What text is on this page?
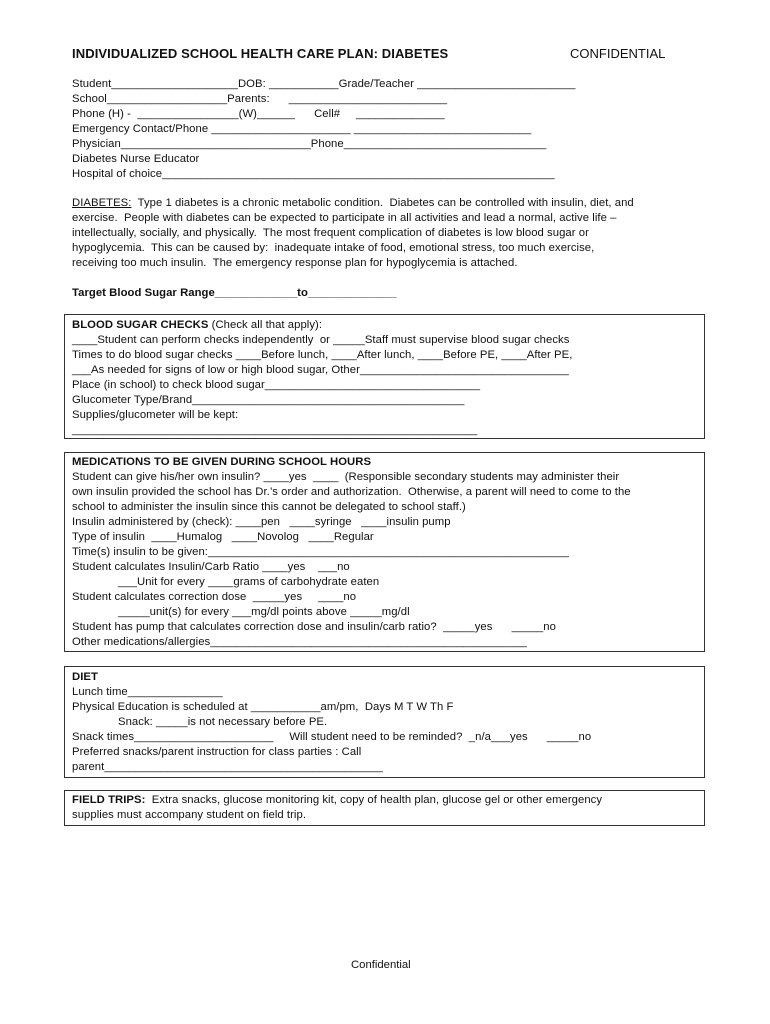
INDIVIDUALIZED SCHOOL HEALTH CARE PLAN: DIABETES	CONFIDENTIAL
Student____________________DOB: ___________Grade/Teacher _________________________
School___________________Parents:      _________________________
Phone (H) -  ________________(W)______      Cell#     ______________
Emergency Contact/Phone ______________________ ____________________________
Physician______________________________Phone________________________________
Diabetes Nurse Educator
Hospital of choice______________________________________________________________
DIABETES:  Type 1 diabetes is a chronic metabolic condition.  Diabetes can be controlled with insulin, diet, and
exercise.  People with diabetes can be expected to participate in all activities and lead a normal, active life –
intellectually, socially, and physically.  The most frequent complication of diabetes is low blood sugar or
hypoglycemia.  This can be caused by:  inadequate intake of food, emotional stress, too much exercise,
receiving too much insulin.  The emergency response plan for hypoglycemia is attached.
Target Blood Sugar Range_____________to______________
BLOOD SUGAR CHECKS (Check all that apply):
____Student can perform checks independently  or _____Staff must supervise blood sugar checks
Times to do blood sugar checks ____Before lunch, ____After lunch, ____Before PE, ____After PE,
___As needed for signs of low or high blood sugar, Other_________________________________
Place (in school) to check blood sugar__________________________________
Glucometer Type/Brand___________________________________________
Supplies/glucometer will be kept:
________________________________________________________________
MEDICATIONS TO BE GIVEN DURING SCHOOL HOURS
Student can give his/her own insulin? ____yes  ____  (Responsible secondary students may administer their
own insulin provided the school has Dr.’s order and authorization.  Otherwise, a parent will need to come to the
school to administer the insulin since this cannot be delegated to school staff.)
Insulin administered by (check): ____pen   ____syringe   ____insulin pump
Type of insulin  ____Humalog   ____Novolog   ____Regular
Time(s) insulin to be given:_________________________________________________________
Student calculates Insulin/Carb Ratio ____yes    ___no
___Unit for every ____grams of carbohydrate eaten
Student calculates correction dose  _____yes     ____no
_____unit(s) for every ___mg/dl points above _____mg/dl
Student has pump that calculates correction dose and insulin/carb ratio?  _____yes      _____no
Other medications/allergies__________________________________________________
DIET
Lunch time_______________
Physical Education is scheduled at ___________am/pm,  Days M T W Th F
Snack: _____is not necessary before PE.
Snack times______________________     Will student need to be reminded?  _n/a___yes      _____no
Preferred snacks/parent instruction for class parties : Call
parent____________________________________________
FIELD TRIPS:  Extra snacks, glucose monitoring kit, copy of health plan, glucose gel or other emergency
supplies must accompany student on field trip.
Confidential
